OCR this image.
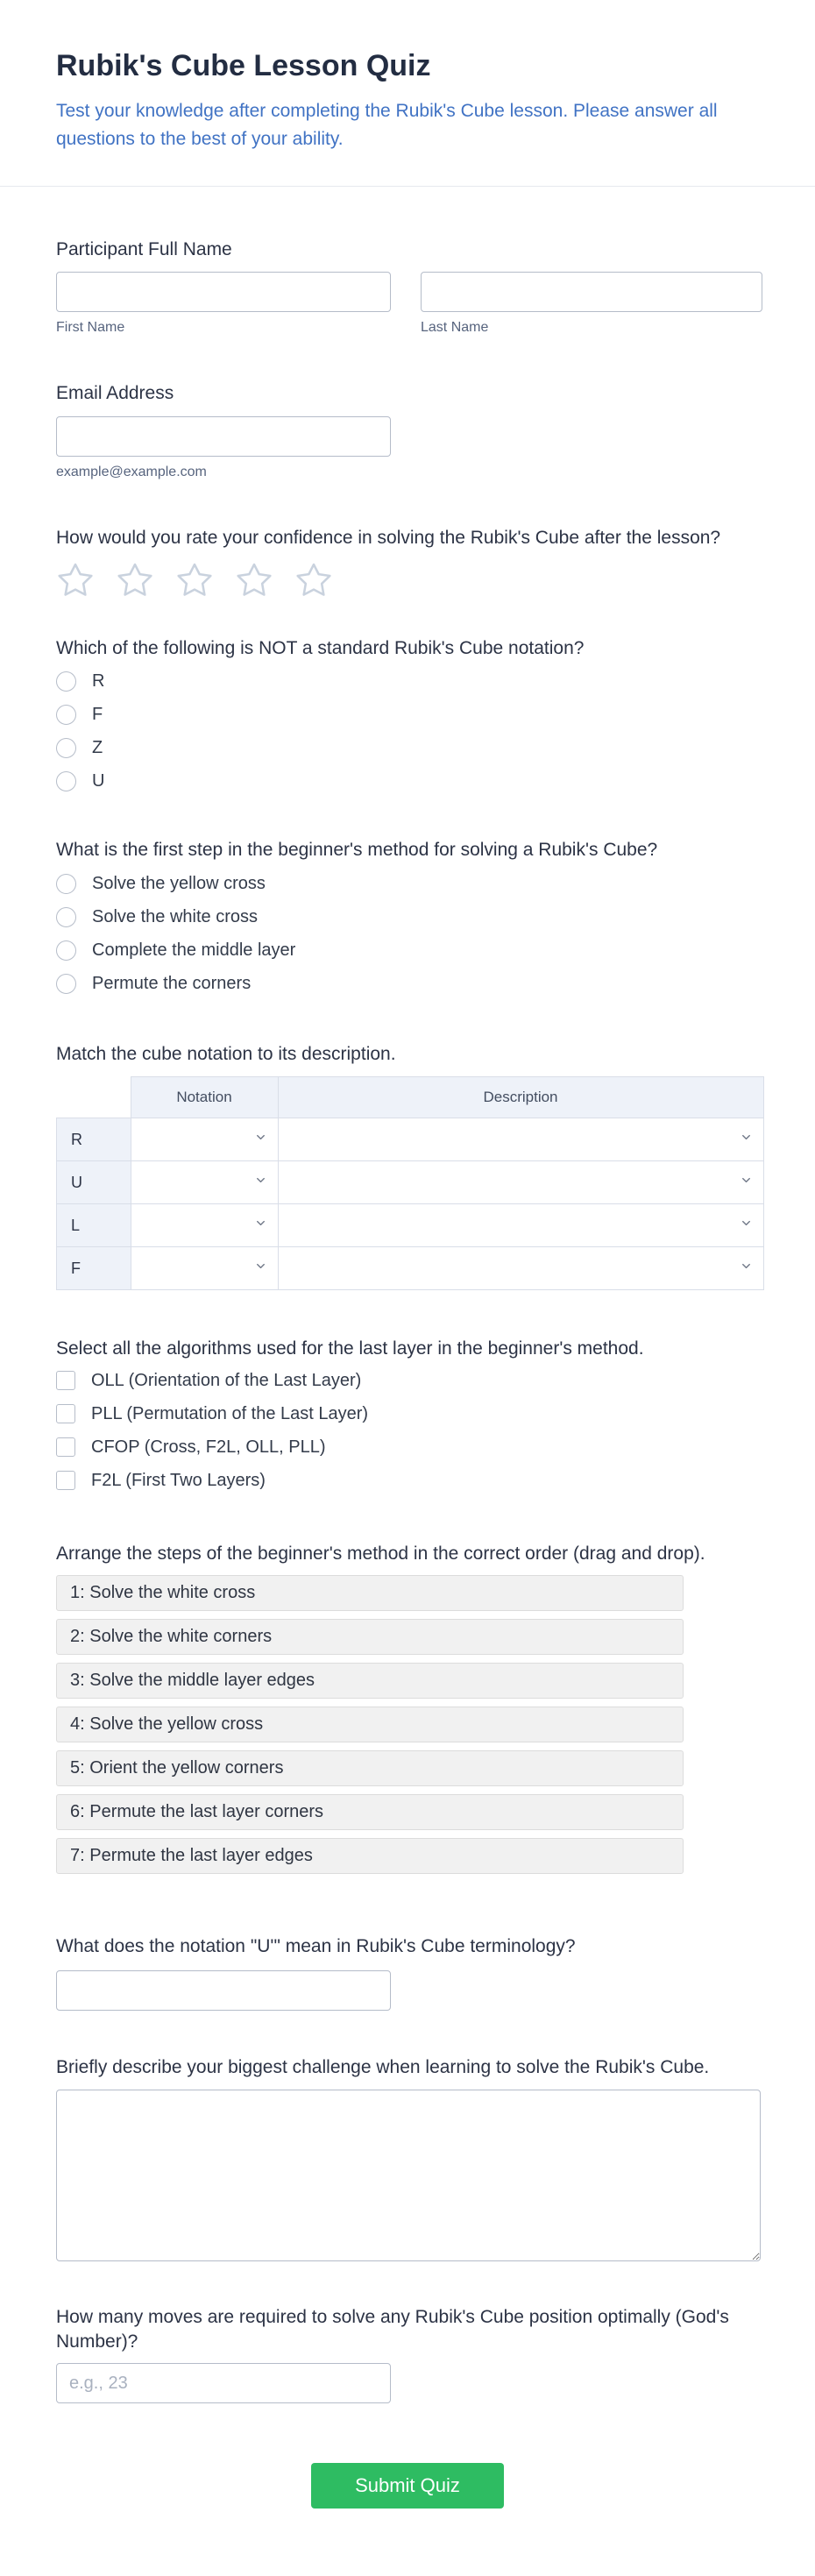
Rubik's Cube Lesson Quiz

Test your knowledge after completing the Rubik's Cube lesson. Please answer all questions to the best of your ability.

Participant Full Name
First Name	Last Name
Email Address
example@example.com
How would you rate your confidence in solving the Rubik's Cube after the lesson?
Which of the following is NOT a standard Rubik's Cube notation?
R
F
Z
U
What is the first step in the beginner's method for solving a Rubik's Cube?
Solve the yellow cross
Solve the white cross
Complete the middle layer
Permute the corners
Match the cube notation to its description.
	Notation	Description
R	

U	

L	

F	

Select all the algorithms used for the last layer in the beginner's method.
OLL (Orientation of the Last Layer)
PLL (Permutation of the Last Layer)
CFOP (Cross, F2L, OLL, PLL)
F2L (First Two Layers)
Arrange the steps of the beginner's method in the correct order (drag and drop).
1: Solve the white cross
2: Solve the white corners
3: Solve the middle layer edges
4: Solve the yellow cross
5: Orient the yellow corners
6: Permute the last layer corners
7: Permute the last layer edges
What does the notation "U'" mean in Rubik's Cube terminology?
Briefly describe your biggest challenge when learning to solve the Rubik's Cube.
How many moves are required to solve any Rubik's Cube position optimally (God's Number)?
e.g., 23
Submit Quiz
